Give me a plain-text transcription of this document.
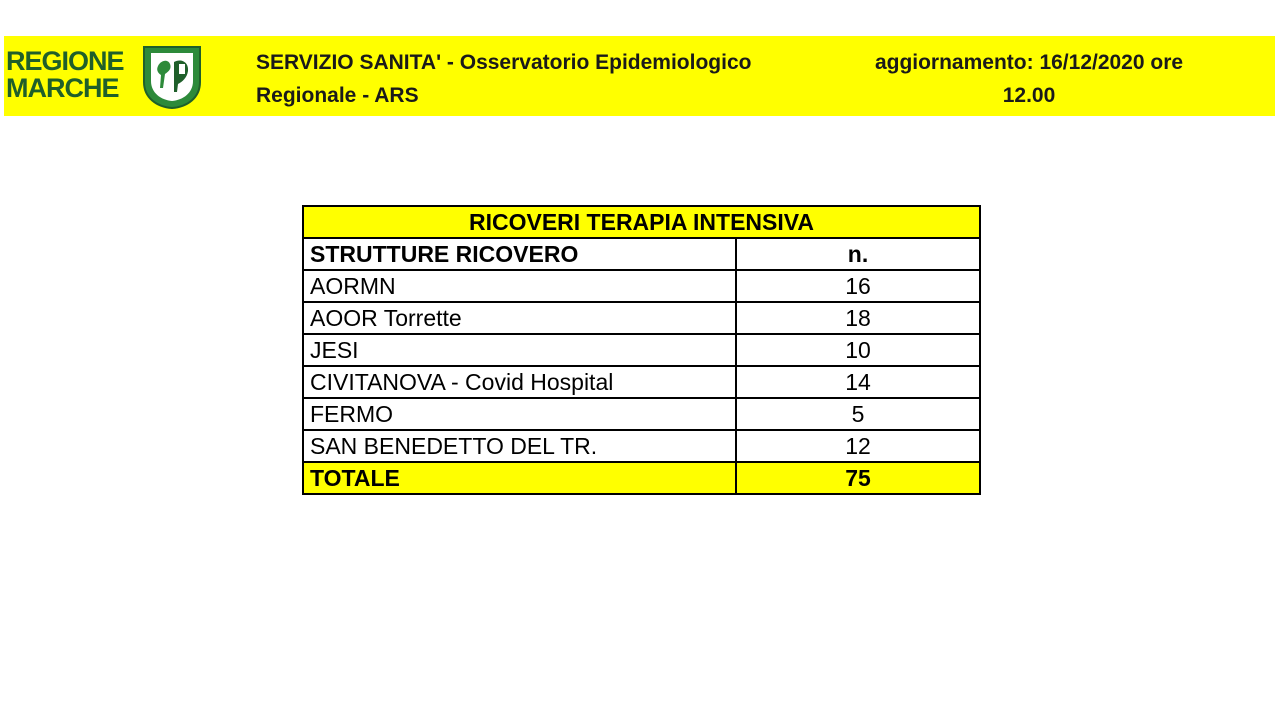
REGIONE
MARCHE
SERVIZIO SANITA' - Osservatorio Epidemiologico
Regionale - ARS
aggiornamento: 16/12/2020 ore
12.00
RICOVERI TERAPIA INTENSIVA	
STRUTTURE RICOVERO	n.
AORMN	16
AOOR Torrette	18
JESI	10
CIVITANOVA - Covid Hospital	14
FERMO	5
SAN BENEDETTO DEL TR.	12
TOTALE	75
